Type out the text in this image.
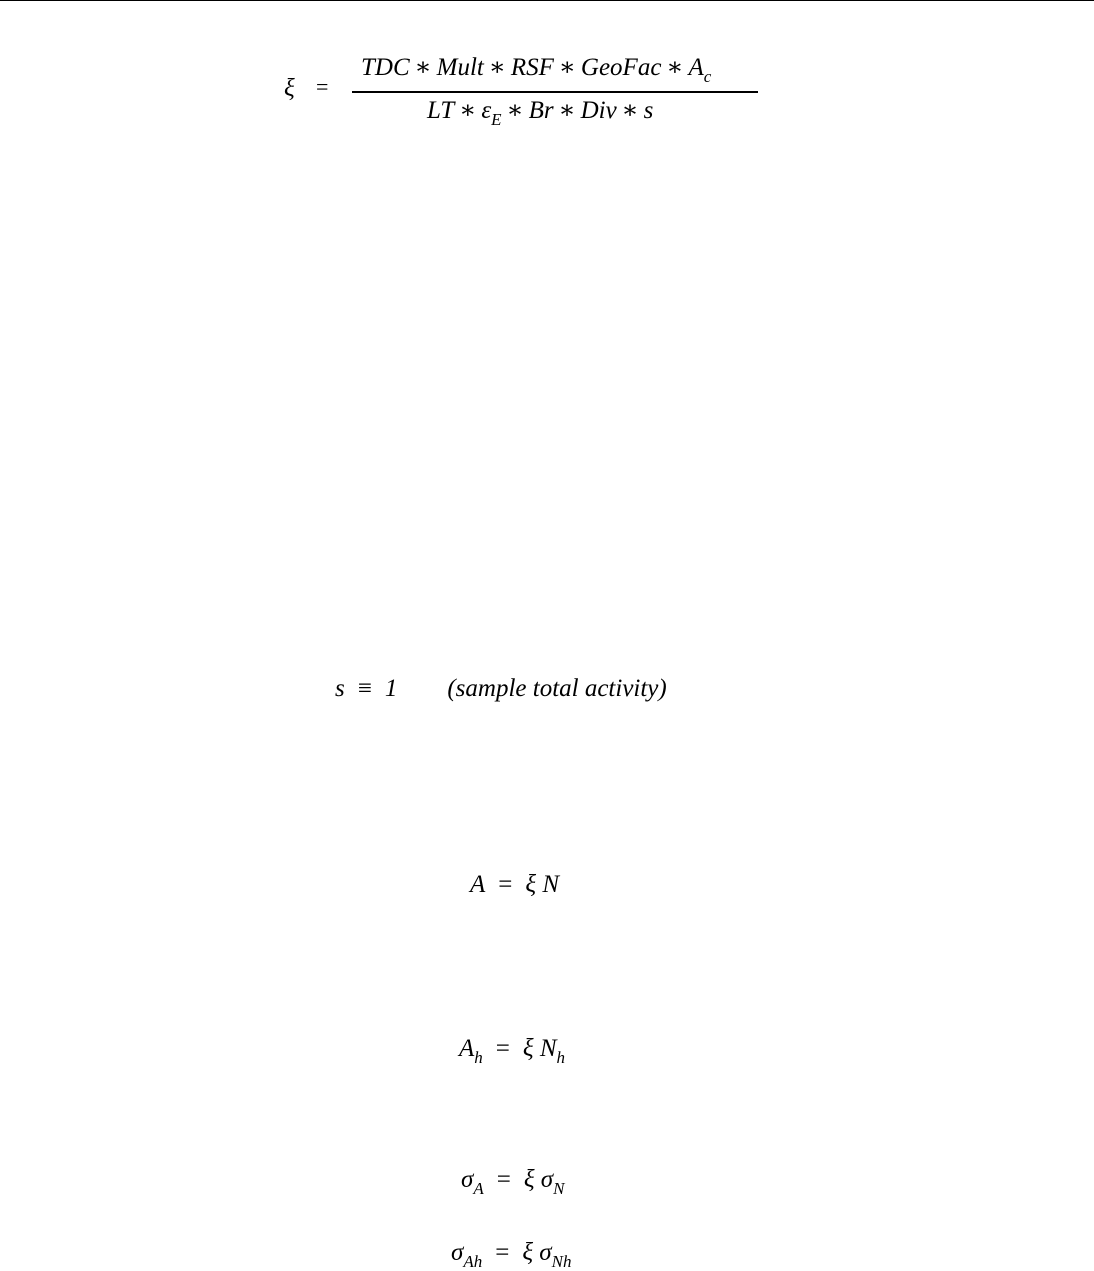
ξ =
TDC ∗ Mult ∗ RSF ∗ GeoFac ∗ $A_c$
LT ∗ $\varepsilon_E$ ∗ Br ∗ Div ∗ s
s ≡ 1 (sample total activity)
A = ξ N
$A_h = \xi$ $N_h$
$\sigma_A = \xi$ $\sigma_N$
$\sigma_{Ah} = \xi$ $\sigma_{Nh}$
